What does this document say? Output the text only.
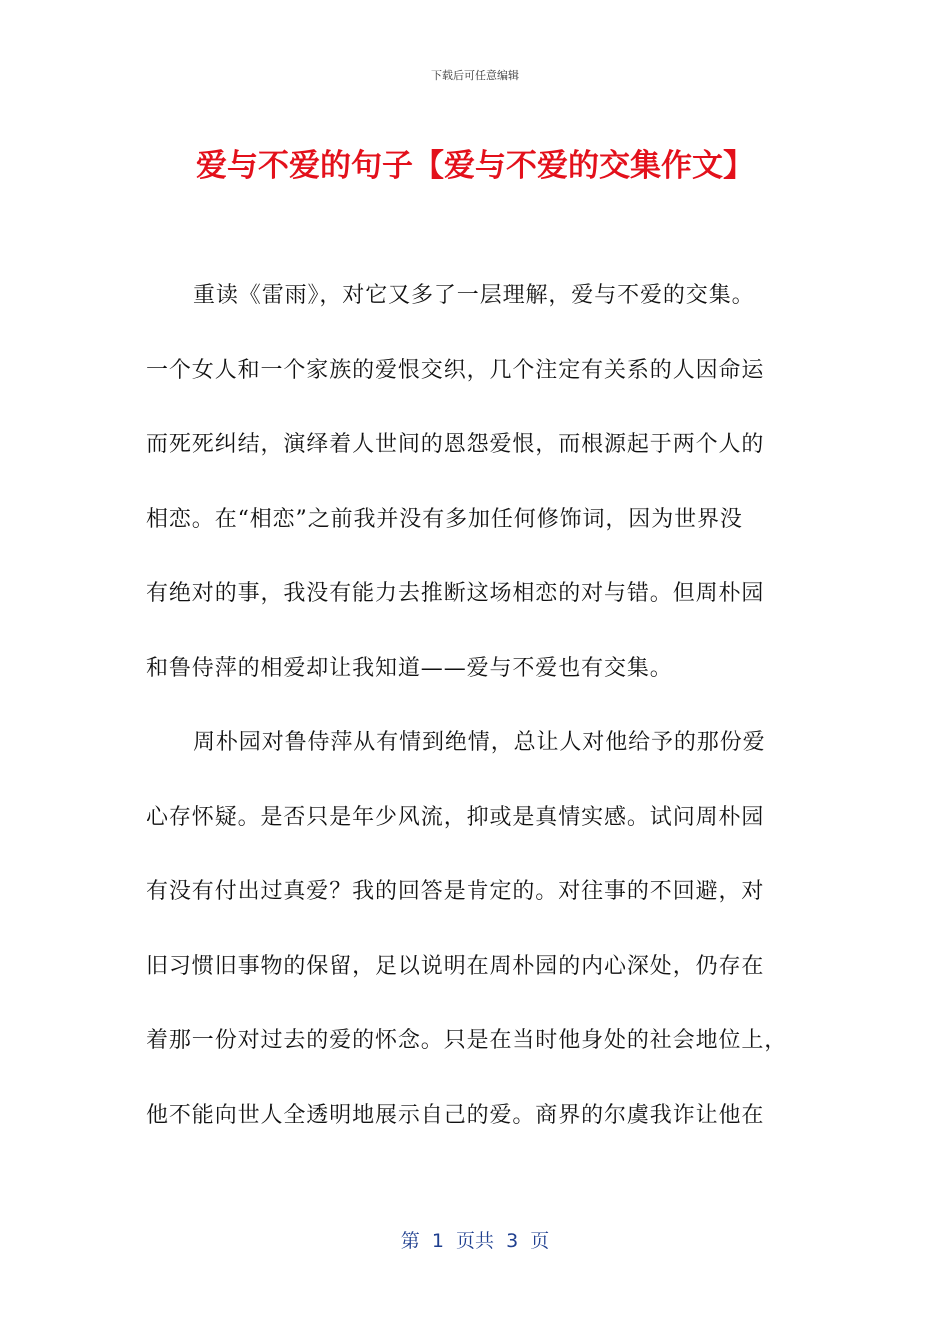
下载后可任意编辑
爱与不爱的句子【爱与不爱的交集作文】
重读《雷雨》，对它又多了一层理解，爱与不爱的交集。
一个女人和一个家族的爱恨交织，几个注定有关系的人因命运
而死死纠结，演绎着人世间的恩怨爱恨，而根源起于两个人的
相恋。在“相恋”之前我并没有多加任何修饰词，因为世界没
有绝对的事，我没有能力去推断这场相恋的对与错。但周朴园
和鲁侍萍的相爱却让我知道——爱与不爱也有交集。
周朴园对鲁侍萍从有情到绝情，总让人对他给予的那份爱
心存怀疑。是否只是年少风流，抑或是真情实感。试问周朴园
有没有付出过真爱？我的回答是肯定的。对往事的不回避，对
旧习惯旧事物的保留，足以说明在周朴园的内心深处，仍存在
着那一份对过去的爱的怀念。只是在当时他身处的社会地位上，
他不能向世人全透明地展示自己的爱。商界的尔虞我诈让他在
第  1  页共  3  页
